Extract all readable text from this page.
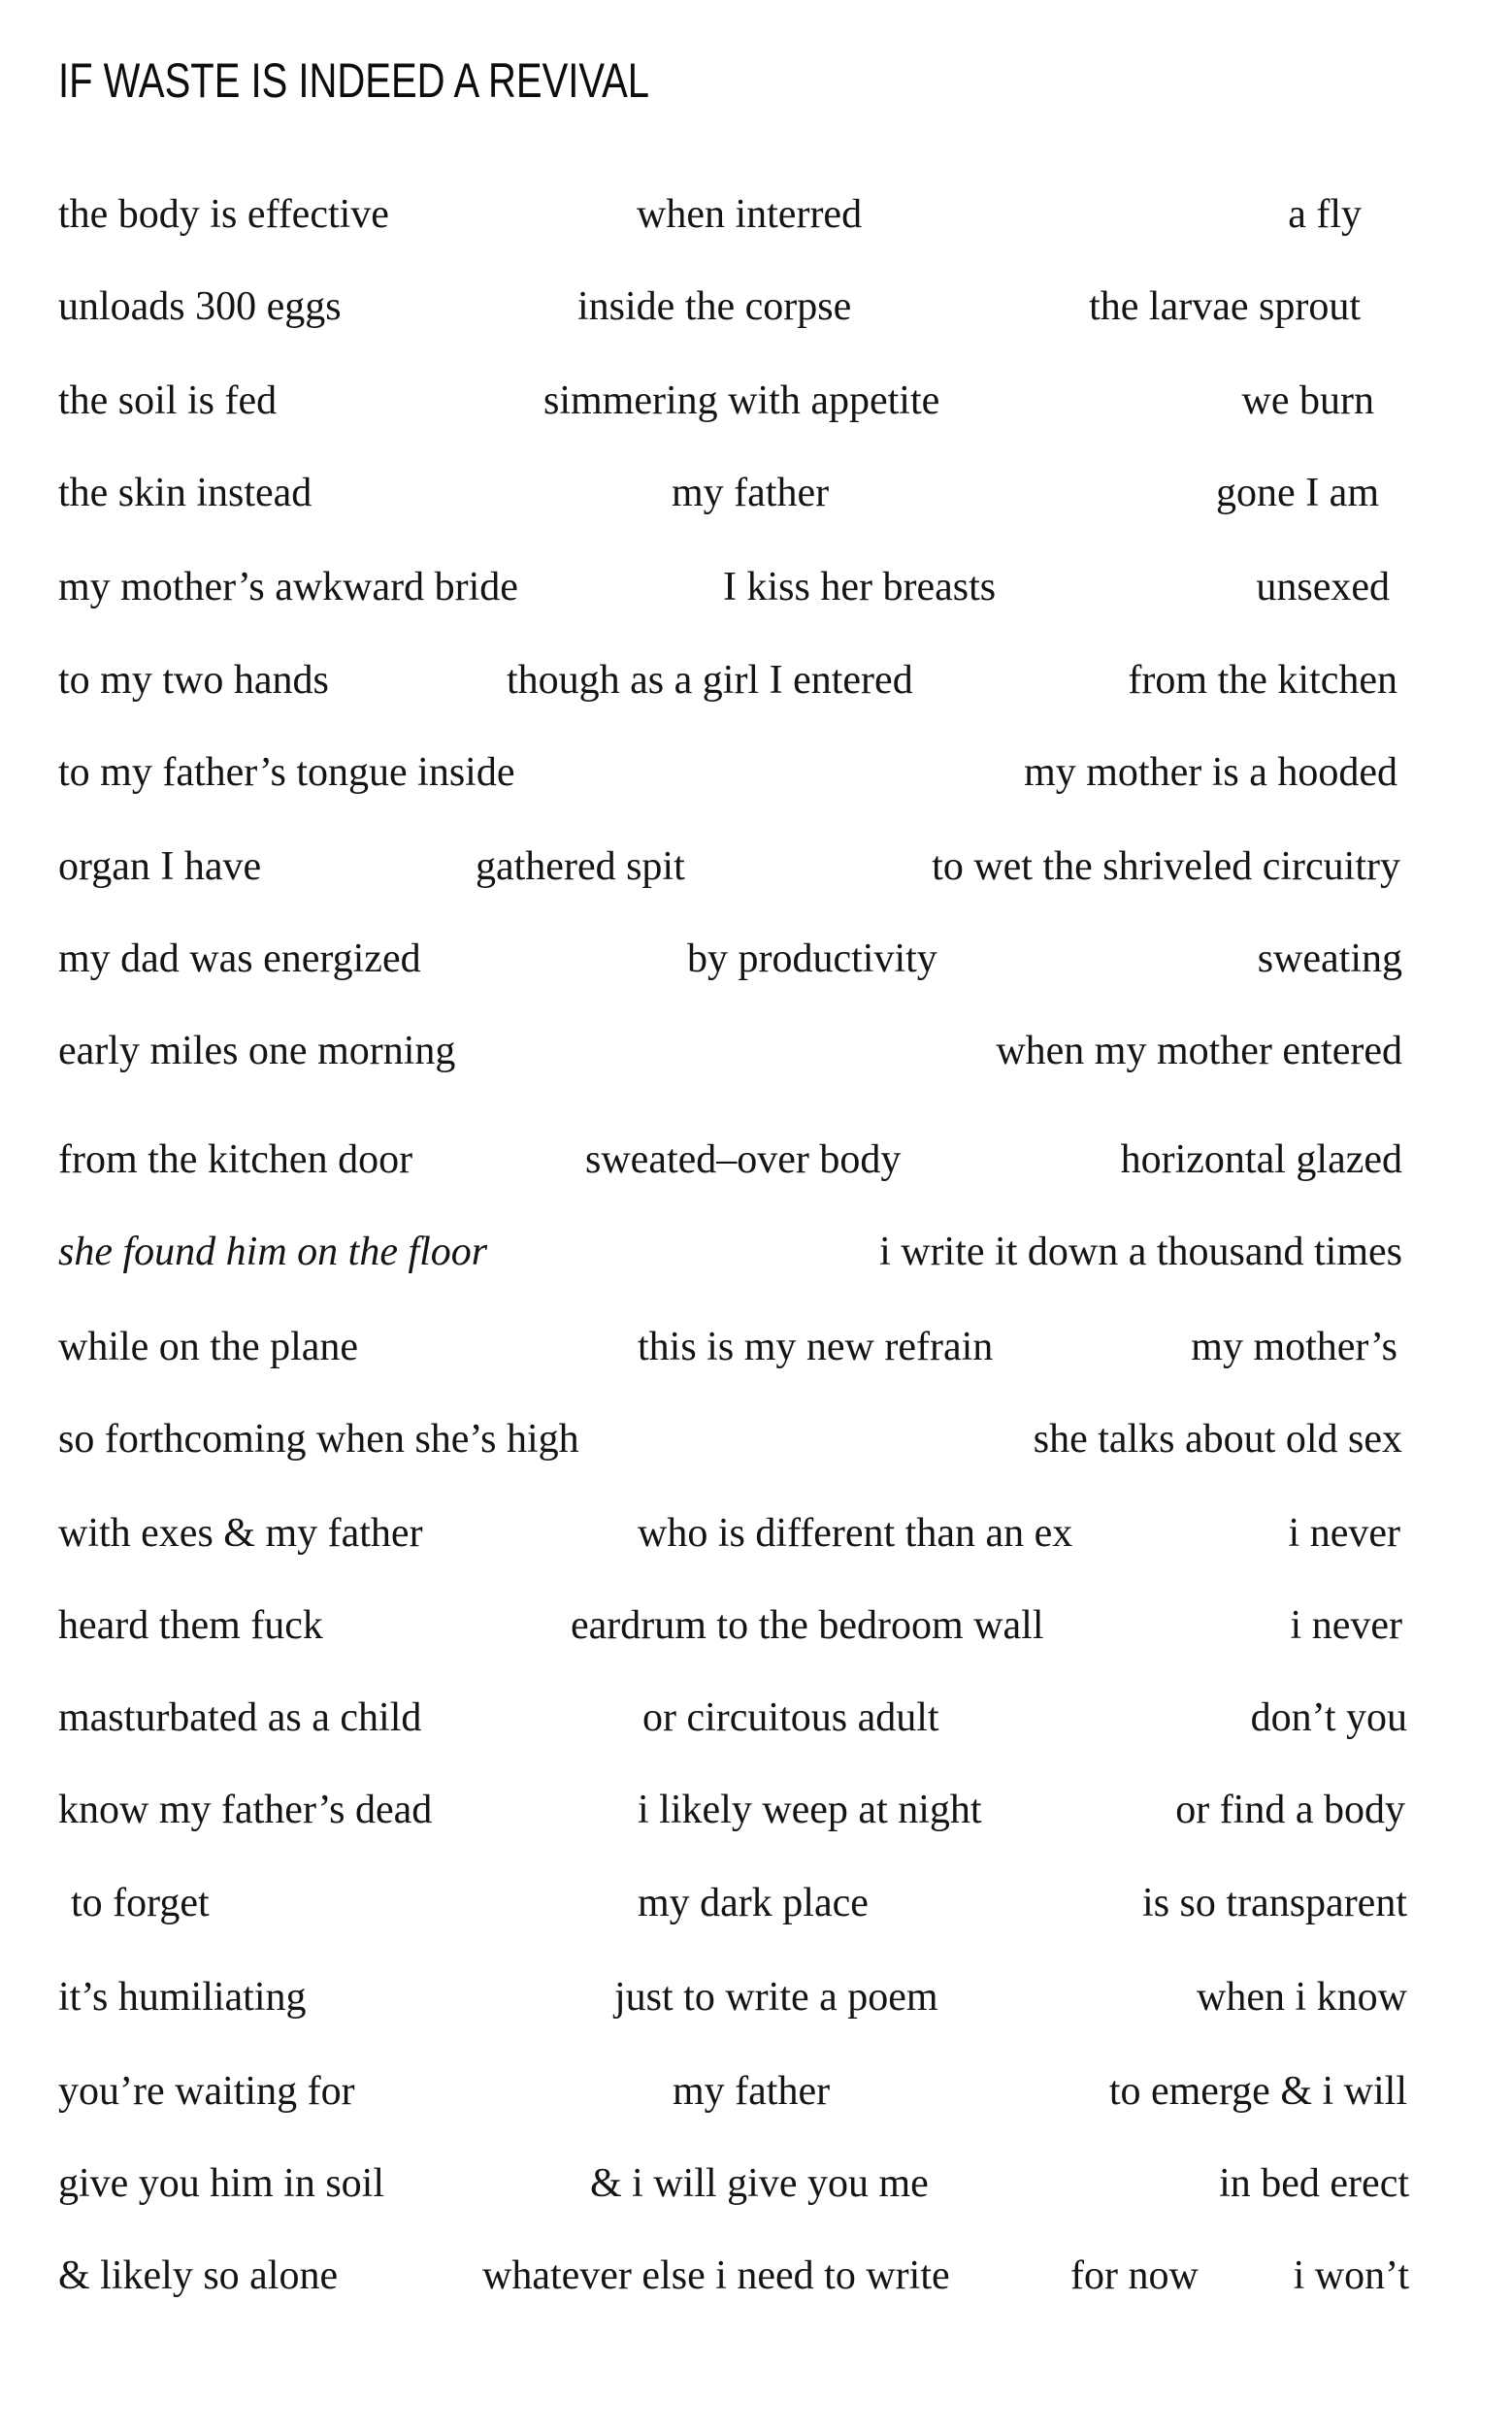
IF WASTE IS INDEED A REVIVAL
the body is effective	when interred	a fly
unloads 300 eggs	inside the corpse	the larvae sprout
the soil is fed	simmering with appetite	we burn
the skin instead	my father	gone I am
my mother’s awkward bride	I kiss her breasts	unsexed
to my two hands	though as a girl I entered	from the kitchen
to my father’s tongue inside	my mother is a hooded
organ I have	gathered spit	to wet the shriveled circuitry
my dad was energized	by productivity	sweating
early miles one morning	when my mother entered
from the kitchen door	sweated–over body	horizontal glazed
she found him on the floor	i write it down a thousand times
while on the plane	this is my new refrain	my mother’s
so forthcoming when she’s high	she talks about old sex
with exes & my father	who is different than an ex	i never
heard them fuck	eardrum to the bedroom wall	i never
masturbated as a child	or circuitous adult	don’t you
know my father’s dead	i likely weep at night	or find a body
to forget	my dark place	is so transparent
it’s humiliating	just to write a poem	when i know
you’re waiting for	my father	to emerge & i will
give you him in soil	& i will give you me	in bed erect
& likely so alone	whatever else i need to write	for now i won’t
